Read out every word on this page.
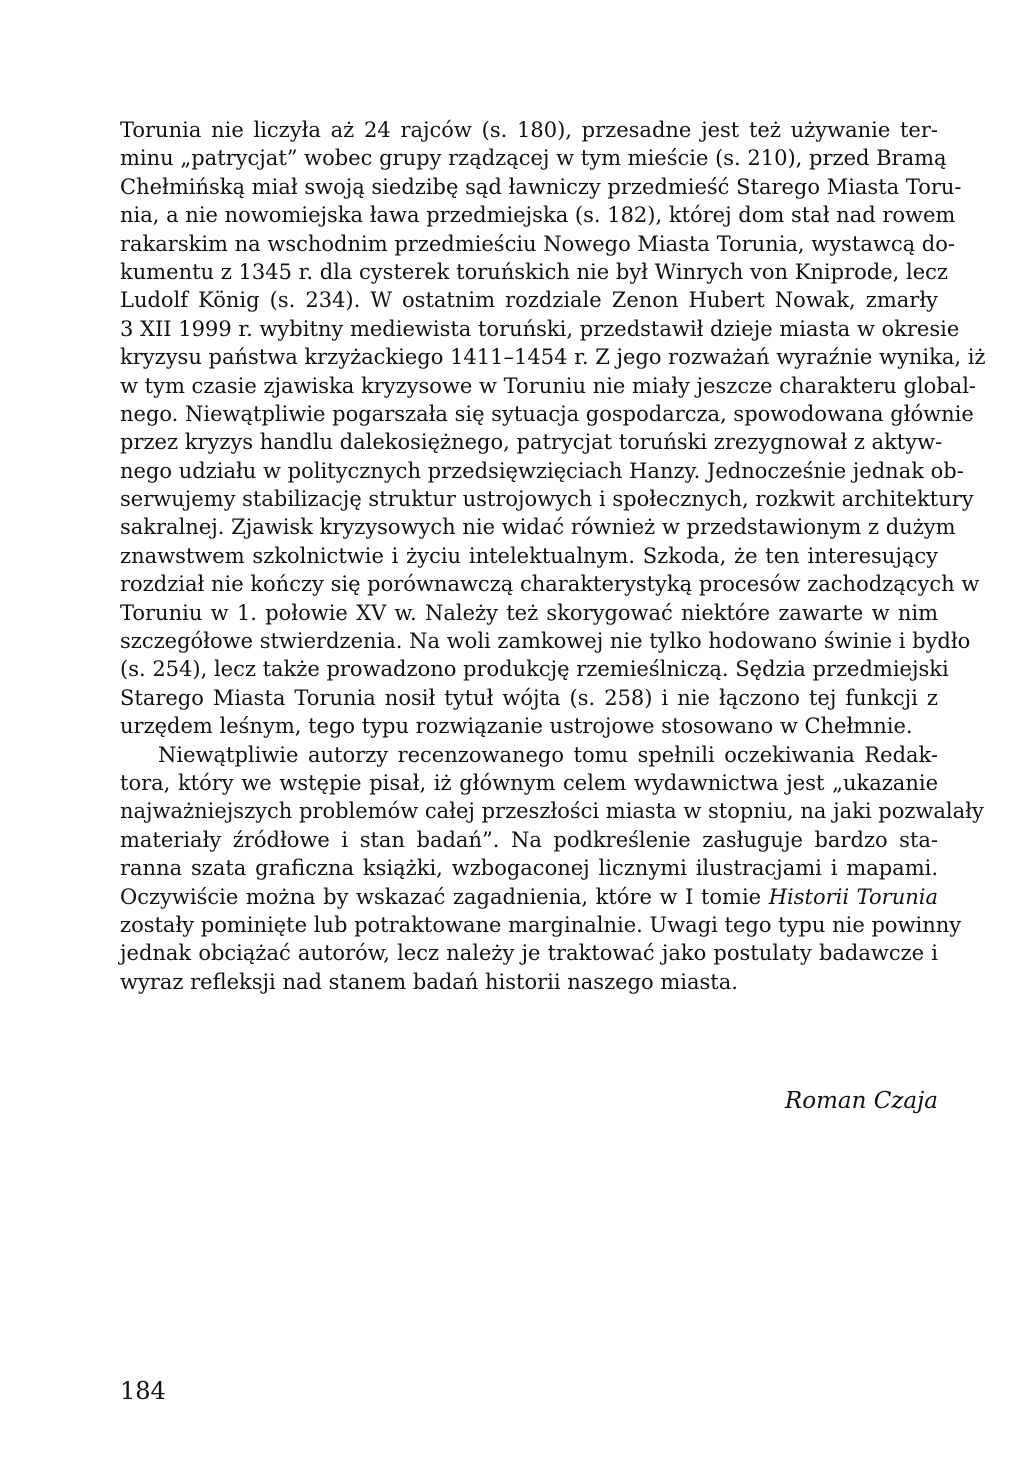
Torunia nie liczyła aż 24 rajców (s. 180), przesadne jest też używanie ter-
minu „patrycjat” wobec grupy rządzącej w tym mieście (s. 210), przed Bramą
Chełmińską miał swoją siedzibę sąd ławniczy przedmieść Starego Miasta Toru-
nia, a nie nowomiejska ława przedmiejska (s. 182), której dom stał nad rowem
rakarskim na wschodnim przedmieściu Nowego Miasta Torunia, wystawcą do-
kumentu z 1345 r. dla cysterek toruńskich nie był Winrych von Kniprode, lecz
Ludolf König (s. 234). W ostatnim rozdziale Zenon Hubert Nowak, zmarły
3 XII 1999 r. wybitny mediewista toruński, przedstawił dzieje miasta w okresie
kryzysu państwa krzyżackiego 1411–1454 r. Z jego rozważań wyraźnie wynika, iż
w tym czasie zjawiska kryzysowe w Toruniu nie miały jeszcze charakteru global-
nego. Niewątpliwie pogarszała się sytuacja gospodarcza, spowodowana głównie
przez kryzys handlu dalekosiężnego, patrycjat toruński zrezygnował z aktyw-
nego udziału w politycznych przedsięwzięciach Hanzy. Jednocześnie jednak ob-
serwujemy stabilizację struktur ustrojowych i społecznych, rozkwit architektury
sakralnej. Zjawisk kryzysowych nie widać również w przedstawionym z dużym
znawstwem szkolnictwie i życiu intelektualnym. Szkoda, że ten interesujący
rozdział nie kończy się porównawczą charakterystyką procesów zachodzących w
Toruniu w 1. połowie XV w. Należy też skorygować niektóre zawarte w nim
szczegółowe stwierdzenia. Na woli zamkowej nie tylko hodowano świnie i bydło
(s. 254), lecz także prowadzono produkcję rzemieślniczą. Sędzia przedmiejski
Starego Miasta Torunia nosił tytuł wójta (s. 258) i nie łączono tej funkcji z
urzędem leśnym, tego typu rozwiązanie ustrojowe stosowano w Chełmnie.
Niewątpliwie autorzy recenzowanego tomu spełnili oczekiwania Redak-
tora, który we wstępie pisał, iż głównym celem wydawnictwa jest „ukazanie
najważniejszych problemów całej przeszłości miasta w stopniu, na jaki pozwalały
materiały źródłowe i stan badań”. Na podkreślenie zasługuje bardzo sta-
ranna szata graficzna książki, wzbogaconej licznymi ilustracjami i mapami.
Oczywiście można by wskazać zagadnienia, które w I tomie Historii Torunia
zostały pominięte lub potraktowane marginalnie. Uwagi tego typu nie powinny
jednak obciążać autorów, lecz należy je traktować jako postulaty badawcze i
wyraz refleksji nad stanem badań historii naszego miasta.
Roman Czaja
184
